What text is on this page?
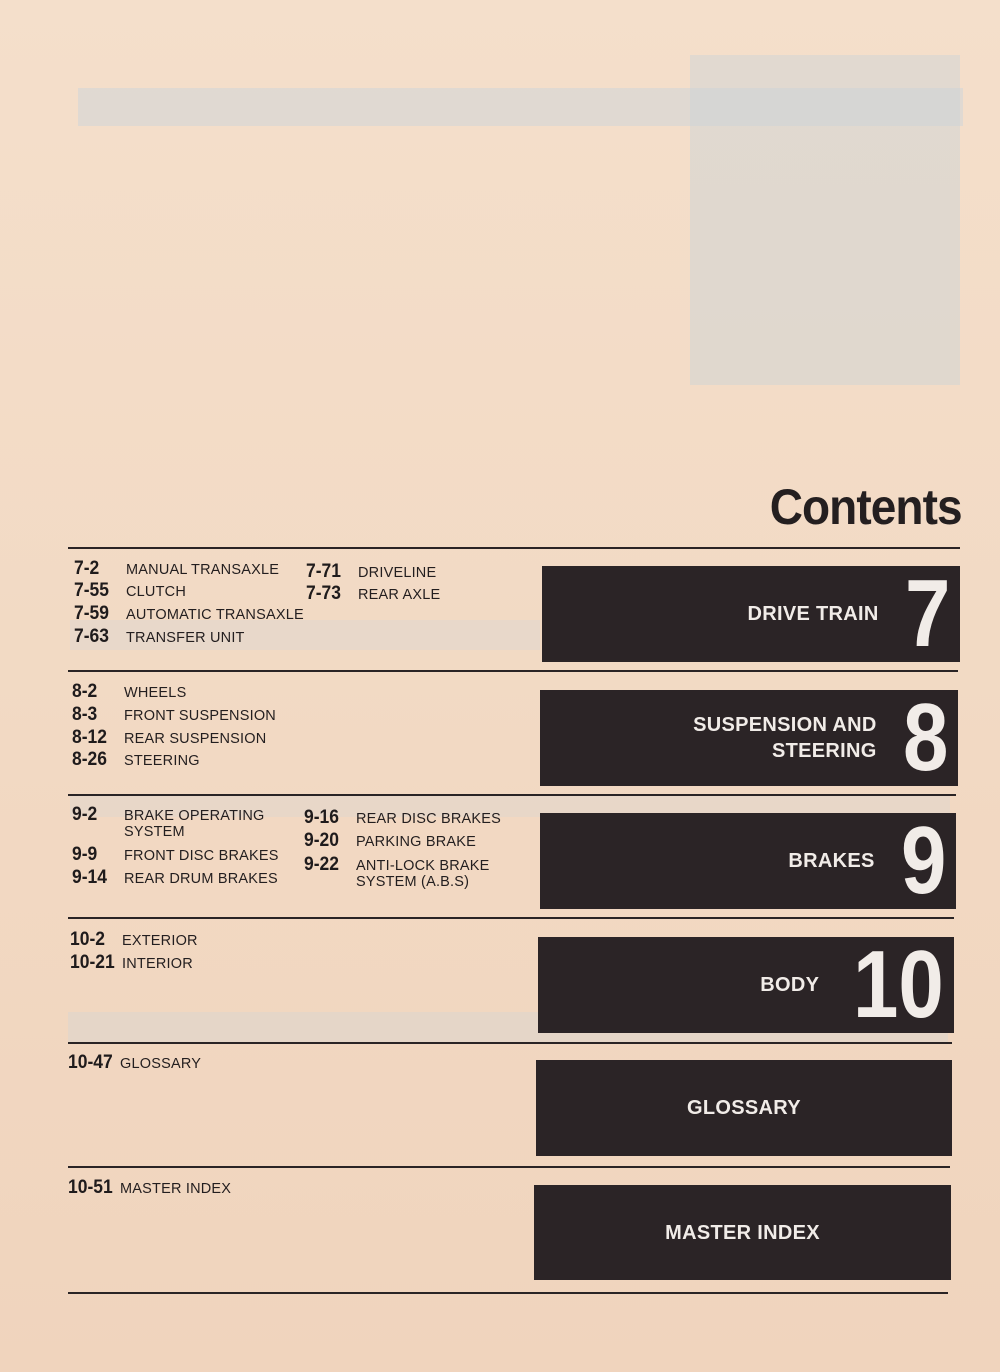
Contents
7-2 MANUAL TRANSAXLE
7-55 CLUTCH
7-59 AUTOMATIC TRANSAXLE
7-63 TRANSFER UNIT
7-71 DRIVELINE
7-73 REAR AXLE
DRIVE TRAIN 7
8-2 WHEELS
8-3 FRONT SUSPENSION
8-12 REAR SUSPENSION
8-26 STEERING
SUSPENSION AND
STEERING 8
9-2 BRAKE OPERATING
SYSTEM
9-9 FRONT DISC BRAKES
9-14 REAR DRUM BRAKES
9-16 REAR DISC BRAKES
9-20 PARKING BRAKE
9-22 ANTI-LOCK BRAKE
SYSTEM (A.B.S)
BRAKES 9
10-2 EXTERIOR
10-21 INTERIOR
BODY 10
10-47 GLOSSARY
GLOSSARY
10-51 MASTER INDEX
MASTER INDEX
